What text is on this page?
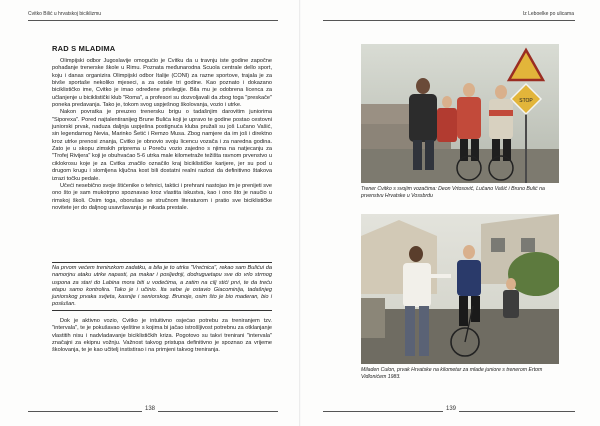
Cvitko Bilić u hrvatskoj biciklizmu
RAD S MLADIMA

Olimpijski odbor Jugoslavije omogućio je Cvitku da u travnju iste godine započne pohađanje trenerske škole u Rimu. Poznata međunarodna Scuola centrale dello sport, koju i danas organizira Olimpijski odbor Italije (CONI) za razne sportove, trajala je za bivše sportaše nekoliko mjeseci, a za ostale tri godine. Kao poznato i dokazano biciklističko ime, Cvitko je imao određene privilegije. Bila mu je odobrena licenca za učlanjenje u biciklistički klub "Roma", a profesori su dozvoljavali da zbog toga "preskače" poneka predavanja. Tako je, tokom svog uspješnog školovanja, vozio i utrke.

Nakon povratka je preuzeo trenersku brigu o tadašnjim darovitim juniorima "Siporexa". Pored najtalentiranijeg Brune Bulića koji je upravo te godine postao cestovni juniorski prvak, naduza daljnja uspješna postignuća kluba pružali su još Lučano Vašić, sin legendarnog Nevia, Marinko Šetić i Remzo Musa. Zbog namjere da im još i direktno kroz utrke prenosi znanja, Cvitko je obnovio svoju licencu vozača i za naredna godina. Zato je u skopu zimskih priprema u Poreču vozio zajedno s njima na natjecanju za "Trofej Rivijera" koji je obuhvaćao 5-6 utrka male kilometraže težišta ravnom prvenstvo u ciklokrosu koje je za Cvitka značilo označilo kraj biciklističke karijere, jer su pod u drugom krugu i slomljena ključna kost bili dostatni realni razlozi da definitivno štakova izrazi točku pedale.

Učeći nesebično svoje štićenike o tehnici, taktici i prehrani nastojao im je prenijeti sve ono što je sam mukotrpno spoznavao kroz vlastita iskustva, kao i ono što je naučio u rimskoj školi. Osim toga, oborušao se stručnom literaturom i pratio sve biciklističke novitete jer do daljnog usavršavanja je nikada prestale.

Na prvom većem treninzkom zadatku, a bila je to utrka "Vrećnica", rekao sam Bulićui da namorjnu ataku utrke napasti, pa makar i posljednji, dodruguetapu sve do vrlo strmog uspona za stari do Labina mora biti u vodećima, a zatim na cilj stići prvi, te da treću etapu samo kontrolira. Tako je i učinio. Ita sebe je ostavio Giacominija, tadašnjeg juniorskog prvaka svijeta, kasnije i seniorskog. Brunoje, osim što je bio maderan, bio i poslušan.

Dok je aktivno vozio, Cvitko je intuitivno osjećao potrebu za treniranjem tzv. "intervala", te je pokušavao vještine s kojima bi jačao istrošljivost potrebnu za otklanjanje vlastitih nisu i nadvladavanje biciklističkih kriza. Pogotovo su takvi trenirani "intervala" značajni za ekipnu vožnju. Važnost takvog pristupa definitivno je spoznao za vrijeme školovanja, te je kao učitelj instistirao i na primjeni takvog treniranja.

138
Iz Leboelke po ulicama
STOP
Trener Cvitko s svojim vozačima: Deon Vrtosović, Lučano Vašić i Bruno Bulić na prvenstvu Hrvatske u Vossbrdu
Miladen Culon, prvak Hrvatske na kilometar za mlade juniore s trenerom Ertom Vidlonićem 1983.
139
